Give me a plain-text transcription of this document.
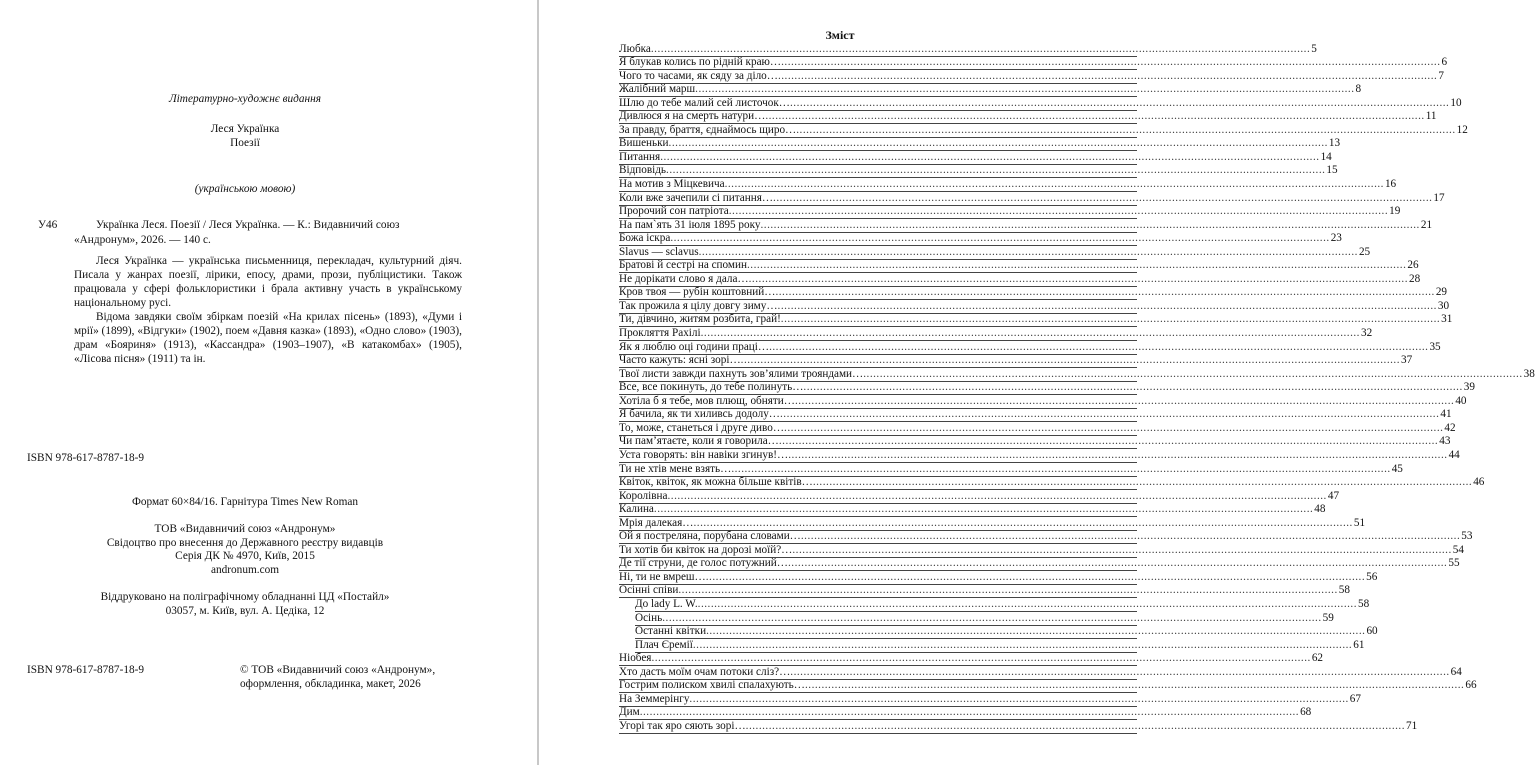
Літературно-художнє видання
Леся Українка
Поезії
(українською мовою)
У46	Українка Леся. Поезії / Леся Українка. — К.: Видавничий союз
«Андронум», 2026. — 140 с.

Леся Українка — українська письменниця, перекладач, культурний діяч. Писала у жанрах поезії, лірики, епосу, драми, прози, публіцистики. Також працювала у сфері фольклористики і брала активну участь в українському національному русі.

Відома завдяки своїм збіркам поезій «На крилах пісень» (1893), «Думи і мрії» (1899), «Відгуки» (1902), поем «Давня казка» (1893), «Одно слово» (1903), драм «Бояриня» (1913), «Кассандра» (1903–1907), «В катакомбах» (1905), «Лісова пісня» (1911) та ін.

ISBN 978-617-8787-18-9
Формат 60×84/16. Гарнітура Times New Roman
ТОВ «Видавничий союз «Андронум»
Свідоцтво про внесення до Державного реєстру видавців
Серія ДК № 4970, Київ, 2015
andronum.com
Віддруковано на поліграфічному обладнанні ЦД «Постайл»
03057, м. Київ, вул. А. Цедіка, 12
ISBN 978-617-8787-18-9	© ТОВ «Видавничий союз «Андронум»,
оформлення, обкладинка, макет, 2026
Зміст
Любка ........................................................................................................................................................................................................ 5
Я блукав колись по рідній краю… ........................................................................................................................................................................................................ 6
Чого то часами, як сяду за діло… ........................................................................................................................................................................................................ 7
Жалібний марш ........................................................................................................................................................................................................ 8
Шлю до тебе малий сей листочок… ........................................................................................................................................................................................................ 10
Дивлюся я на смерть натури… ........................................................................................................................................................................................................ 11
За правду, браття, єднаймось щиро… ........................................................................................................................................................................................................ 12
Вишеньки ........................................................................................................................................................................................................ 13
Питання ........................................................................................................................................................................................................ 14
Відповідь ........................................................................................................................................................................................................ 15
На мотив з Міцкевича ........................................................................................................................................................................................................ 16
Коли вже зачепили сі питання… ........................................................................................................................................................................................................ 17
Пророчий сон патріота ........................................................................................................................................................................................................ 19
На пам`ять 31 іюля 1895 року ........................................................................................................................................................................................................ 21
Божа іскра ........................................................................................................................................................................................................ 23
Slavus — sclavus ........................................................................................................................................................................................................ 25
Братові й сестрі на спомин ........................................................................................................................................................................................................ 26
Не дорікати слово я дала… ........................................................................................................................................................................................................ 28
Кров твоя — рубін коштовний… ........................................................................................................................................................................................................ 29
Так прожила я цілу довгу зиму… ........................................................................................................................................................................................................ 30
Ти, дівчино, житям розбита, грай! ........................................................................................................................................................................................................ 31
Прокляття Рахілі ........................................................................................................................................................................................................ 32
Як я люблю оці години праці… ........................................................................................................................................................................................................ 35
Часто кажуть: ясні зорі… ........................................................................................................................................................................................................ 37
Твої листи завжди пахнуть зов’ялими трояндами… ........................................................................................................................................................................................................ 38
Все, все покинуть, до тебе полинуть… ........................................................................................................................................................................................................ 39
Хотіла б я тебе, мов плющ, обняти… ........................................................................................................................................................................................................ 40
Я бачила, як ти хиливсь додолу… ........................................................................................................................................................................................................ 41
То, може, станеться і друге диво… ........................................................................................................................................................................................................ 42
Чи пам’ятаєте, коли я говорила… ........................................................................................................................................................................................................ 43
Уста говорять: він навіки згинув!… ........................................................................................................................................................................................................ 44
Ти не хтів мене взять… ........................................................................................................................................................................................................ 45
Квіток, квіток, як можна більше квітів… ........................................................................................................................................................................................................ 46
Королівна ........................................................................................................................................................................................................ 47
Калина ........................................................................................................................................................................................................ 48
Мрія далекая… ........................................................................................................................................................................................................ 51
Ой я постреляна, порубана словами… ........................................................................................................................................................................................................ 53
Ти хотів би квіток на дорозі моїй?… ........................................................................................................................................................................................................ 54
Де тії струни, де голос потужний… ........................................................................................................................................................................................................ 55
Ні, ти не вмреш… ........................................................................................................................................................................................................ 56
Осінні співи ........................................................................................................................................................................................................ 58
До lady L. W. ........................................................................................................................................................................................................ 58
Осінь ........................................................................................................................................................................................................ 59
Останні квітки ........................................................................................................................................................................................................ 60
Плач Єремії ........................................................................................................................................................................................................ 61
Ніобея ........................................................................................................................................................................................................ 62
Хто дасть моїм очам потоки сліз?… ........................................................................................................................................................................................................ 64
Гострим полиском хвилі спалахують… ........................................................................................................................................................................................................ 66
На Земмерінгу ........................................................................................................................................................................................................ 67
Дим ........................................................................................................................................................................................................ 68
Угорі так яро сяють зорі… ........................................................................................................................................................................................................ 71
